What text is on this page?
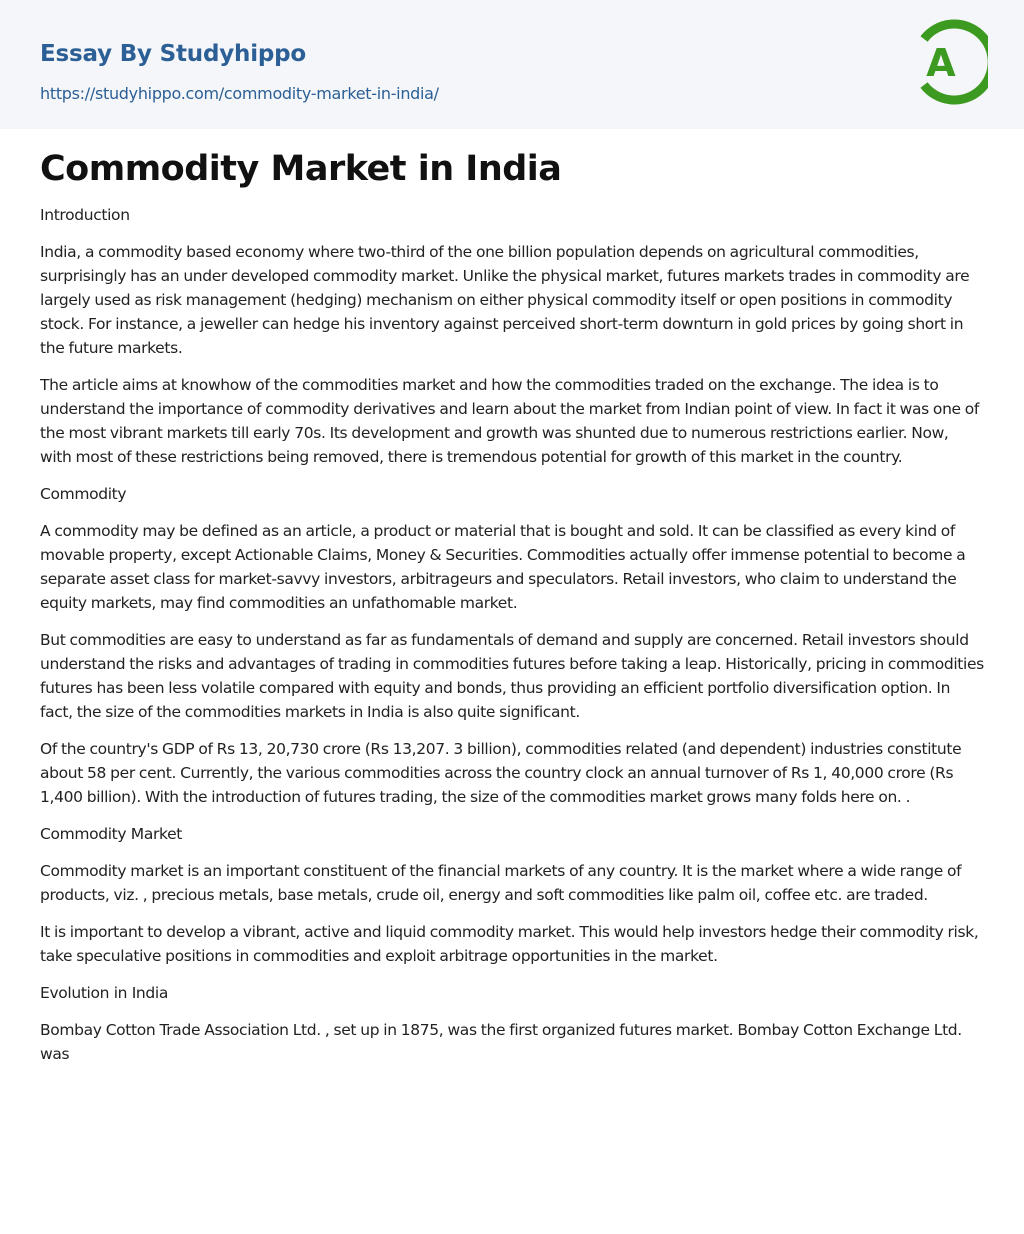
Essay By Studyhippo
https://studyhippo.com/commodity-market-in-india/
A
Commodity Market in India
Introduction

India, a commodity based economy where two-third of the one billion population depends on agricultural commodities, surprisingly has an under developed commodity market. Unlike the physical market, futures markets trades in commodity are largely used as risk management (hedging) mechanism on either physical commodity itself or open positions in commodity stock. For instance, a jeweller can hedge his inventory against perceived short-term downturn in gold prices by going short in the future markets.

The article aims at knowhow of the commodities market and how the commodities traded on the exchange. The idea is to understand the importance of commodity derivatives and learn about the market from Indian point of view. In fact it was one of the most vibrant markets till early 70s. Its development and growth was shunted due to numerous restrictions earlier. Now, with most of these restrictions being removed, there is tremendous potential for growth of this market in the country.

Commodity

A commodity may be defined as an article, a product or material that is bought and sold. It can be classified as every kind of movable property, except Actionable Claims, Money & Securities. Commodities actually offer immense potential to become a separate asset class for market-savvy investors, arbitrageurs and speculators. Retail investors, who claim to understand the equity markets, may find commodities an unfathomable market.

But commodities are easy to understand as far as fundamentals of demand and supply are concerned. Retail investors should understand the risks and advantages of trading in commodities futures before taking a leap. Historically, pricing in commodities futures has been less volatile compared with equity and bonds, thus providing an efficient portfolio diversification option. In fact, the size of the commodities markets in India is also quite significant.

Of the country's GDP of Rs 13, 20,730 crore (Rs 13,207. 3 billion), commodities related (and dependent) industries constitute about 58 per cent. Currently, the various commodities across the country clock an annual turnover of Rs 1, 40,000 crore (Rs 1,400 billion). With the introduction of futures trading, the size of the commodities market grows many folds here on. .

Commodity Market

Commodity market is an important constituent of the financial markets of any country. It is the market where a wide range of products, viz. , precious metals, base metals, crude oil, energy and soft commodities like palm oil, coffee etc. are traded.

It is important to develop a vibrant, active and liquid commodity market. This would help investors hedge their commodity risk, take speculative positions in commodities and exploit arbitrage opportunities in the market.

Evolution in India

Bombay Cotton Trade Association Ltd. , set up in 1875, was the first organized futures market. Bombay Cotton Exchange Ltd. was
